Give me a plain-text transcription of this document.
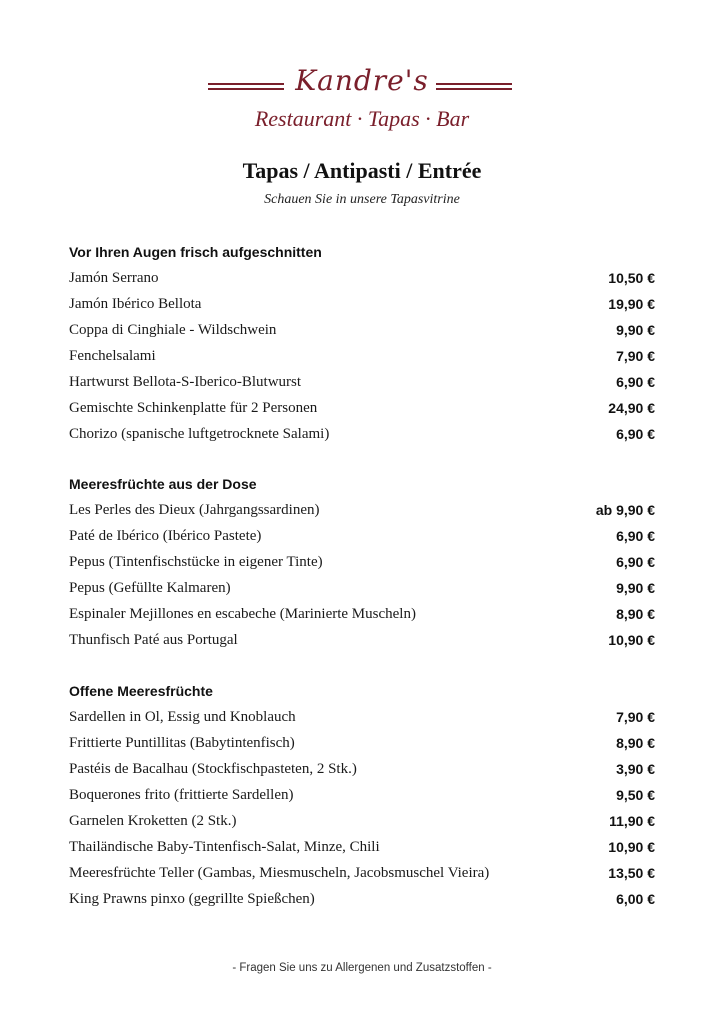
Kandre's
Restaurant · Tapas · Bar
Tapas / Antipasti / Entrée
Schauen Sie in unsere Tapasvitrine
Vor Ihren Augen frisch aufgeschnitten
Jamón Serrano	10,50 €
Jamón Ibérico Bellota	19,90 €
Coppa di Cinghiale - Wildschwein	9,90 €
Fenchelsalami	7,90 €
Hartwurst Bellota-S-Iberico-Blutwurst	6,90 €
Gemischte Schinkenplatte für 2 Personen	24,90 €
Chorizo (spanische luftgetrocknete Salami)	6,90 €
Meeresfrüchte aus der Dose
Les Perles des Dieux (Jahrgangssardinen)	ab 9,90 €
Paté de Ibérico (Ibérico Pastete)	6,90 €
Pepus (Tintenfischstücke in eigener Tinte)	6,90 €
Pepus (Gefüllte Kalmaren)	9,90 €
Espinaler Mejillones en escabeche (Marinierte Muscheln)	8,90 €
Thunfisch Paté aus Portugal	10,90 €
Offene Meeresfrüchte
Sardellen in Ol, Essig und Knoblauch	7,90 €
Frittierte Puntillitas (Babytintenfisch)	8,90 €
Pastéis de Bacalhau (Stockfischpasteten, 2 Stk.)	3,90 €
Boquerones frito (frittierte Sardellen)	9,50 €
Garnelen Kroketten (2 Stk.)	11,90 €
Thailändische Baby-Tintenfisch-Salat, Minze, Chili	10,90 €
Meeresfrüchte Teller (Gambas, Miesmuscheln, Jacobsmuschel Vieira)	13,50 €
King Prawns pinxo (gegrillte Spießchen)	6,00 €
- Fragen Sie uns zu Allergenen und Zusatzstoffen -
